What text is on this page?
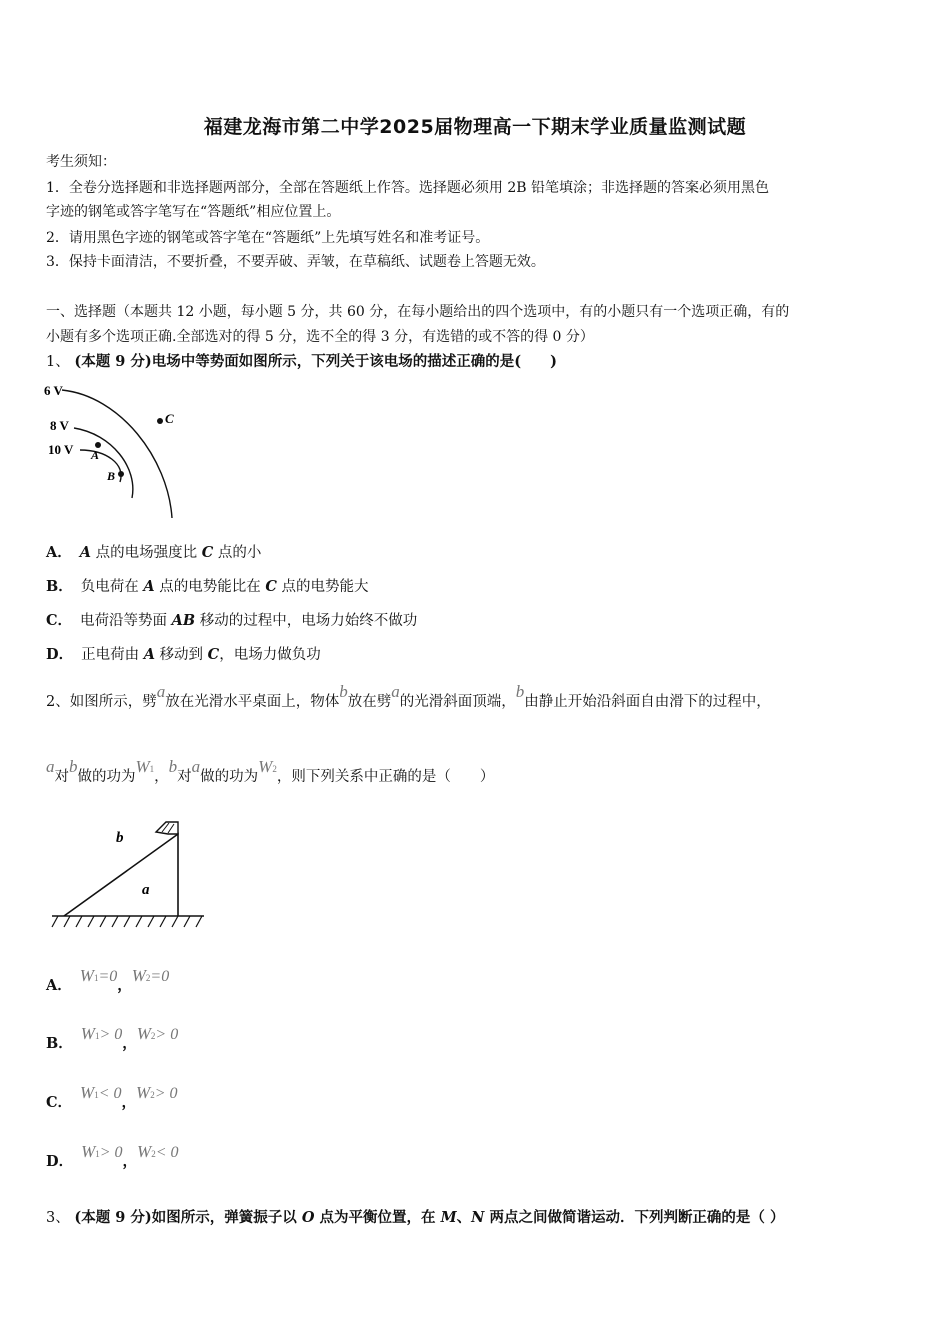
福建龙海市第二中学2025届物理高一下期末学业质量监测试题
考生须知：
1．全卷分选择题和非选择题两部分，全部在答题纸上作答。选择题必须用 2B 铅笔填涂；非选择题的答案必须用黑色
字迹的钢笔或答字笔写在“答题纸”相应位置上。
2．请用黑色字迹的钢笔或答字笔在“答题纸”上先填写姓名和准考证号。
3．保持卡面清洁，不要折叠，不要弄破、弄皱，在草稿纸、试题卷上答题无效。
一、选择题（本题共 12 小题，每小题 5 分，共 60 分，在每小题给出的四个选项中，有的小题只有一个选项正确，有的
小题有多个选项正确.全部选对的得 5 分，选不全的得 3 分，有选错的或不答的得 0 分）
1、 (本题 9 分)电场中等势面如图所示，下列关于该电场的描述正确的是(　　)
6 V
8 V
10 V A
B
C
A． A 点的电场强度比 C 点的小
B． 负电荷在 A 点的电势能比在 C 点的电势能大
C． 电荷沿等势面 AB 移动的过程中，电场力始终不做功
D． 正电荷由 A 移动到 C，电场力做负功
2、如图所示，劈a放在光滑水平桌面上，物体b放在劈a的光滑斜面顶端，b由静止开始沿斜面自由滑下的过程中，
a对b做的功为W1，b对a做的功为W2，则下列关系中正确的是（　　）
b
a
A．W1=0，W2=0
B．W1> 0，W2> 0
C．W1< 0，W2> 0
D．W1> 0，W2< 0
3、 (本题 9 分)如图所示，弹簧振子以 O 点为平衡位置，在 M、N 两点之间做简谐运动．下列判断正确的是（ ）
